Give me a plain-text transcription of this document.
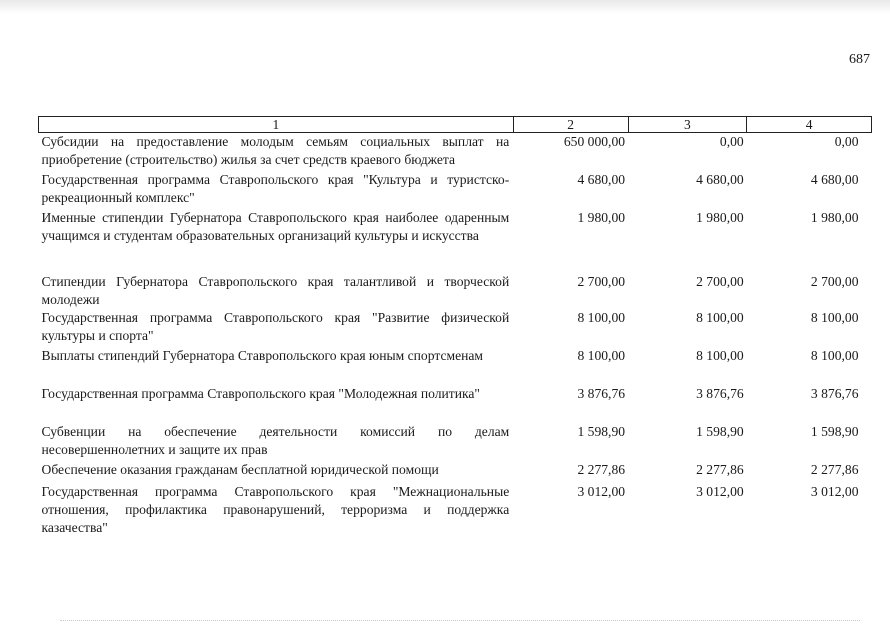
687
1	2	3	4
Субсидии на предоставление молодым семьям социальных выплат на приобретение (строительство) жилья за счет средств краевого бюджета	650 000,00	0,00	0,00
Государственная программа Ставропольского края "Культура и туристско-рекреационный комплекс"	4 680,00	4 680,00	4 680,00
Именные стипендии Губернатора Ставропольского края наиболее одаренным учащимся и студентам образовательных организаций культуры и искусства	1 980,00	1 980,00	1 980,00
Стипендии Губернатора Ставропольского края талантливой и творческой молодежи	2 700,00	2 700,00	2 700,00
Государственная программа Ставропольского края "Развитие физической культуры и спорта"	8 100,00	8 100,00	8 100,00
Выплаты стипендий Губернатора Ставропольского края юным спортсменам	8 100,00	8 100,00	8 100,00
Государственная программа Ставропольского края "Молодежная политика"	3 876,76	3 876,76	3 876,76
Субвенции на обеспечение деятельности комиссий по делам несовершеннолетних и защите их прав	1 598,90	1 598,90	1 598,90
Обеспечение оказания гражданам бесплатной юридической помощи	2 277,86	2 277,86	2 277,86
Государственная программа Ставропольского края "Межнациональные отношения, профилактика правонарушений, терроризма и поддержка казачества"	3 012,00	3 012,00	3 012,00
